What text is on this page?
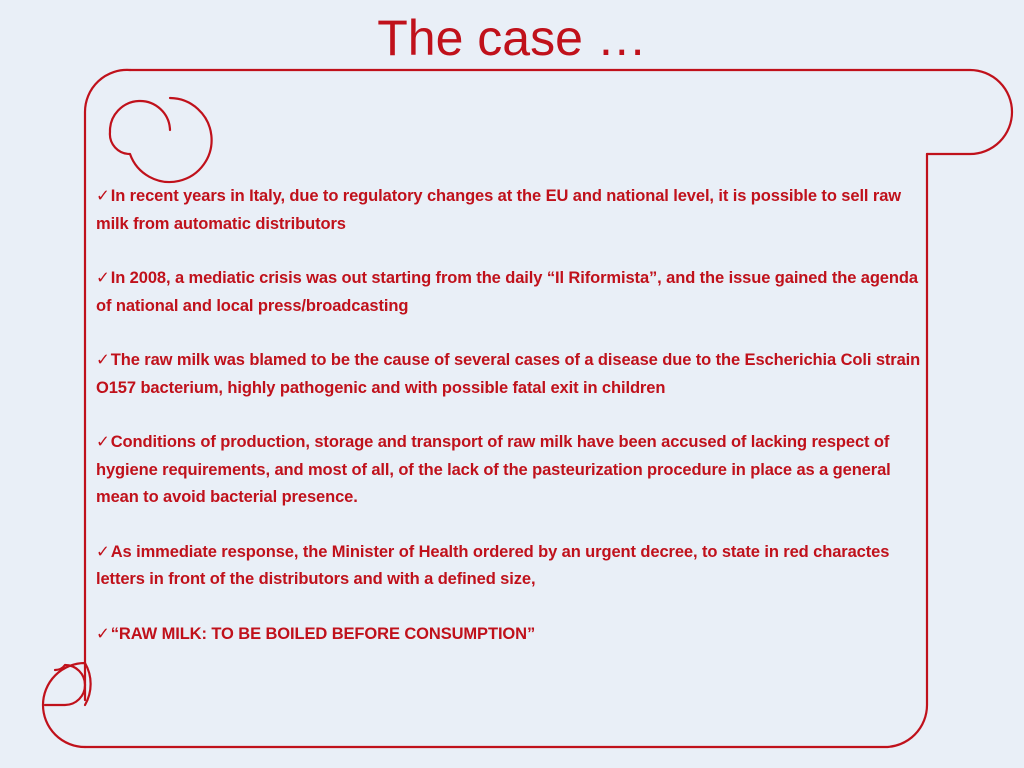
The case …
✓In recent years in Italy, due to regulatory changes at the EU and national level, it is possible to sell raw milk from automatic distributors
✓In 2008, a mediatic crisis was out starting from the daily “Il Riformista”, and the issue gained the agenda of national and local press/broadcasting
✓The raw milk was blamed to be the cause of several cases of a disease due to the Escherichia Coli strain O157 bacterium, highly pathogenic and with possible fatal exit in children
✓Conditions of production, storage and transport of raw milk have been accused of lacking respect of hygiene requirements, and most of all, of the lack of the pasteurization procedure in place as a general mean to avoid bacterial presence.
✓As immediate response, the Minister of Health ordered by an urgent decree, to state in red charactes letters in front of the distributors and with a defined size,
✓“RAW MILK: TO BE BOILED BEFORE CONSUMPTION”
